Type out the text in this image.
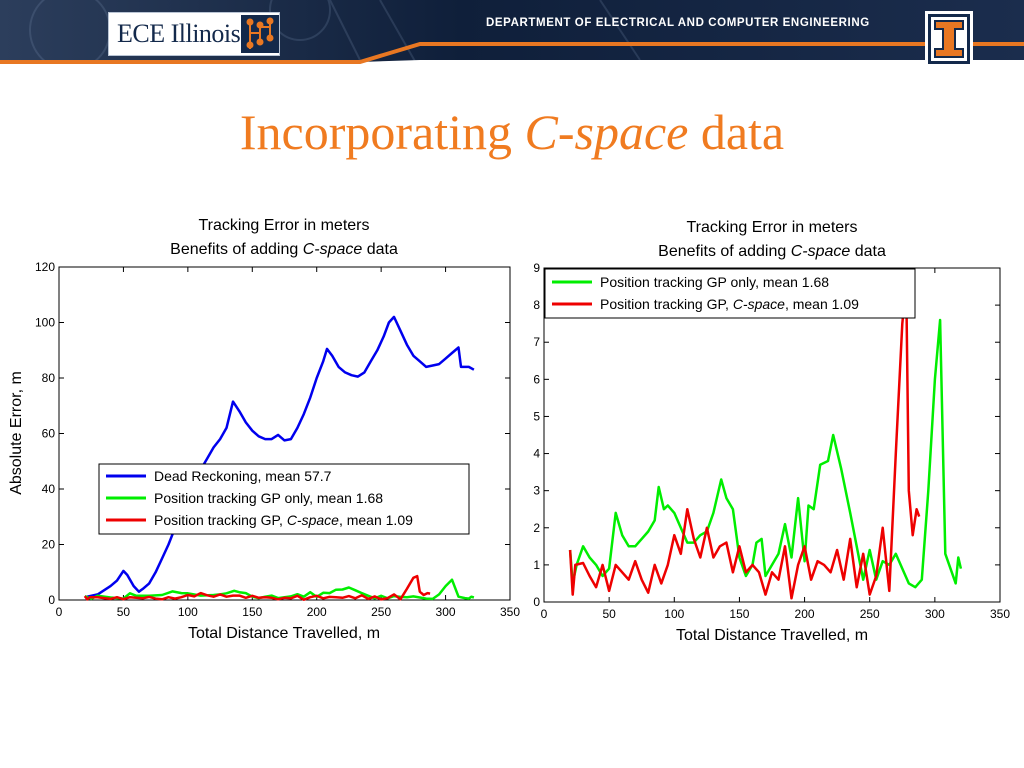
ECE Illinois	DEPARTMENT OF ELECTRICAL AND COMPUTER ENGINEERING
Incorporating C-space data
Tracking Error in meters
Benefits of adding C-space data
0	50	100	150	200	250	300	350
0
20
40
60
80
100
120
Total Distance Travelled, m
Absolute Error, m	Dead Reckoning, mean 57.7
Position tracking GP only, mean 1.68
Position tracking GP, C-space, mean 1.09
Tracking Error in meters
Benefits of adding C-space data
0	50	100	150	200	250	300	350
0
1
2
3
4
5
6
7
8
9
Total Distance Travelled, m
Position tracking GP only, mean 1.68
Position tracking GP, C-space, mean 1.09
